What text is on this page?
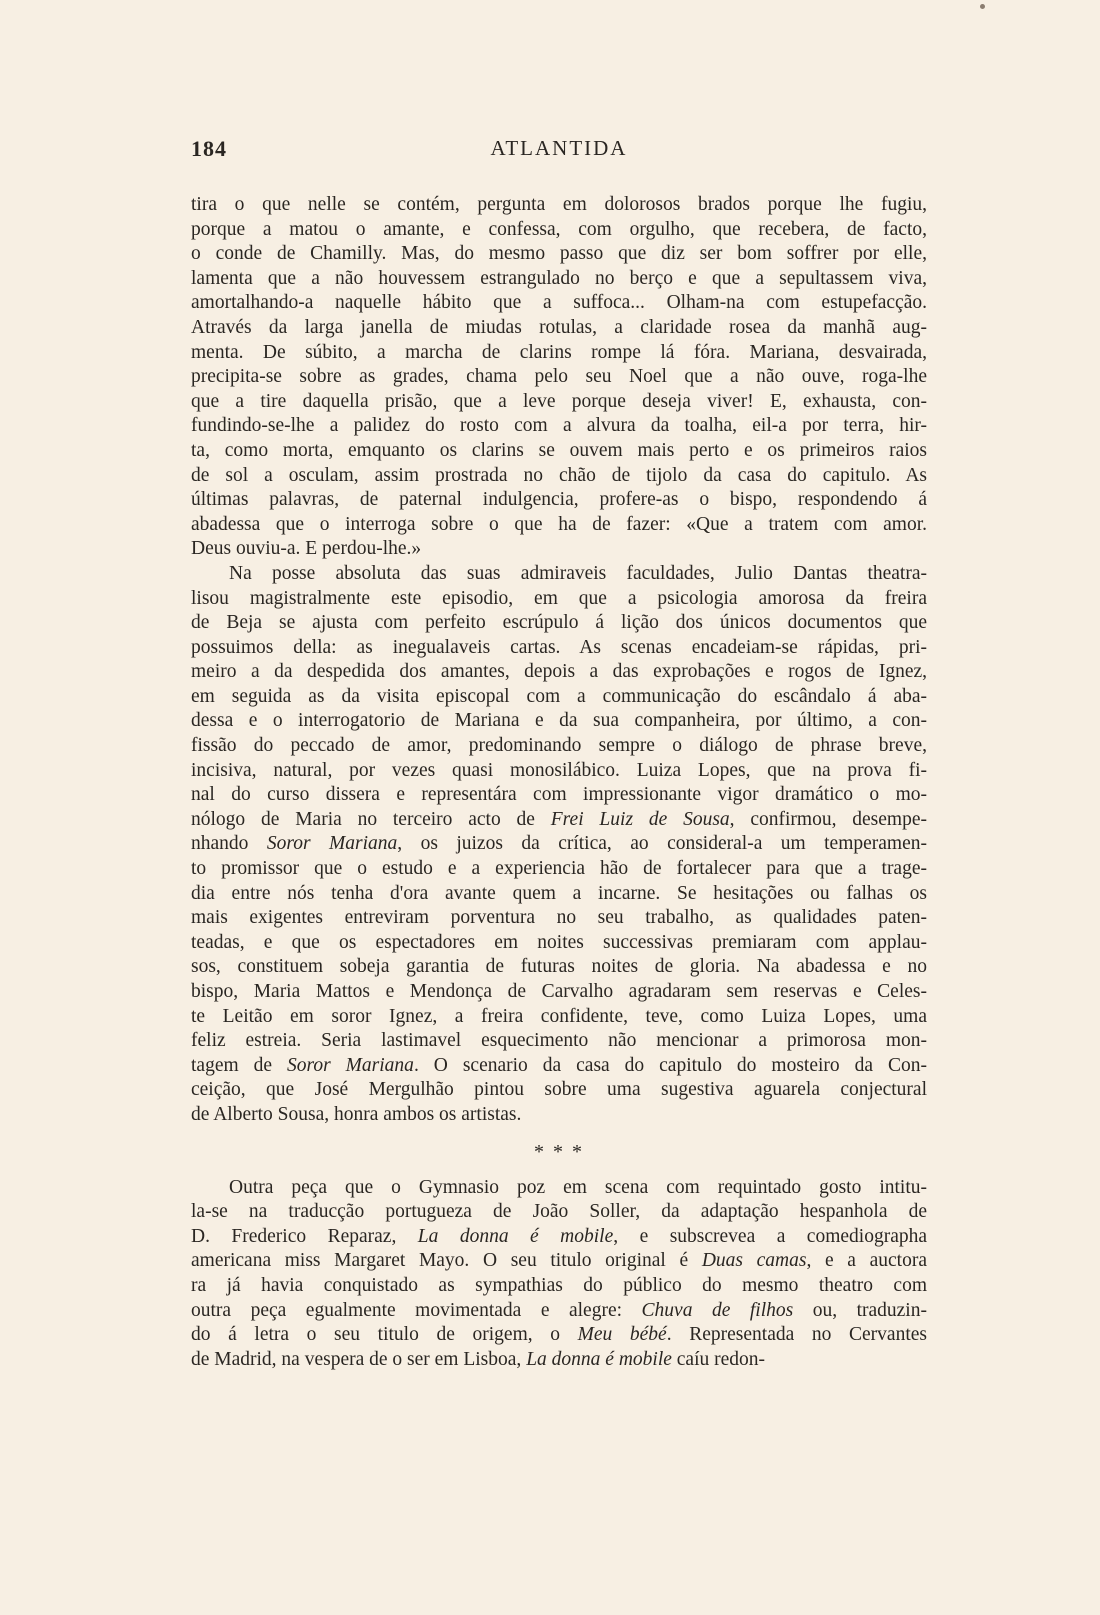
184	ATLANTIDA
tira o que nelle se contém, pergunta em dolorosos brados porque lhe fugiu,
porque a matou o amante, e confessa, com orgulho, que recebera, de facto,
o conde de Chamilly. Mas, do mesmo passo que diz ser bom soffrer por elle,
lamenta que a não houvessem estrangulado no berço e que a sepultassem viva,
amortalhando-a naquelle hábito que a suffoca... Olham-na com estupefacção.
Através da larga janella de miudas rotulas, a claridade rosea da manhã aug-
menta. De súbito, a marcha de clarins rompe lá fóra. Mariana, desvairada,
precipita-se sobre as grades, chama pelo seu Noel que a não ouve, roga-lhe
que a tire daquella prisão, que a leve porque deseja viver! E, exhausta, con-
fundindo-se-lhe a palidez do rosto com a alvura da toalha, eil-a por terra, hir-
ta, como morta, emquanto os clarins se ouvem mais perto e os primeiros raios
de sol a osculam, assim prostrada no chão de tijolo da casa do capitulo. As
últimas palavras, de paternal indulgencia, profere-as o bispo, respondendo á
abadessa que o interroga sobre o que ha de fazer: «Que a tratem com amor.
Deus ouviu-a. E perdou-lhe.»
Na posse absoluta das suas admiraveis faculdades, Julio Dantas theatra-
lisou magistralmente este episodio, em que a psicologia amorosa da freira
de Beja se ajusta com perfeito escrúpulo á lição dos únicos documentos que
possuimos della: as inegualaveis cartas. As scenas encadeiam-se rápidas, pri-
meiro a da despedida dos amantes, depois a das exprobações e rogos de Ignez,
em seguida as da visita episcopal com a communicação do escândalo á aba-
dessa e o interrogatorio de Mariana e da sua companheira, por último, a con-
fissão do peccado de amor, predominando sempre o diálogo de phrase breve,
incisiva, natural, por vezes quasi monosilábico. Luiza Lopes, que na prova fi-
nal do curso dissera e representára com impressionante vigor dramático o mo-
nólogo de Maria no terceiro acto de Frei Luiz de Sousa, confirmou, desempe-
nhando Soror Mariana, os juizos da crítica, ao consideral-a um temperamen-
to promissor que o estudo e a experiencia hão de fortalecer para que a trage-
dia entre nós tenha d'ora avante quem a incarne. Se hesitações ou falhas os
mais exigentes entreviram porventura no seu trabalho, as qualidades paten-
teadas, e que os espectadores em noites successivas premiaram com applau-
sos, constituem sobeja garantia de futuras noites de gloria. Na abadessa e no
bispo, Maria Mattos e Mendonça de Carvalho agradaram sem reservas e Celes-
te Leitão em soror Ignez, a freira confidente, teve, como Luiza Lopes, uma
feliz estreia. Seria lastimavel esquecimento não mencionar a primorosa mon-
tagem de Soror Mariana. O scenario da casa do capitulo do mosteiro da Con-
ceição, que José Mergulhão pintou sobre uma sugestiva aguarela conjectural
de Alberto Sousa, honra ambos os artistas.
* * *
Outra peça que o Gymnasio poz em scena com requintado gosto intitu-
la-se na traducção portugueza de João Soller, da adaptação hespanhola de
D. Frederico Reparaz, La donna é mobile, e subscrevea a comediographa
americana miss Margaret Mayo. O seu titulo original é Duas camas, e a auctora
ra já havia conquistado as sympathias do público do mesmo theatro com
outra peça egualmente movimentada e alegre: Chuva de filhos ou, traduzin-
do á letra o seu titulo de origem, o Meu bébé. Representada no Cervantes
de Madrid, na vespera de o ser em Lisboa, La donna é mobile caíu redon-
